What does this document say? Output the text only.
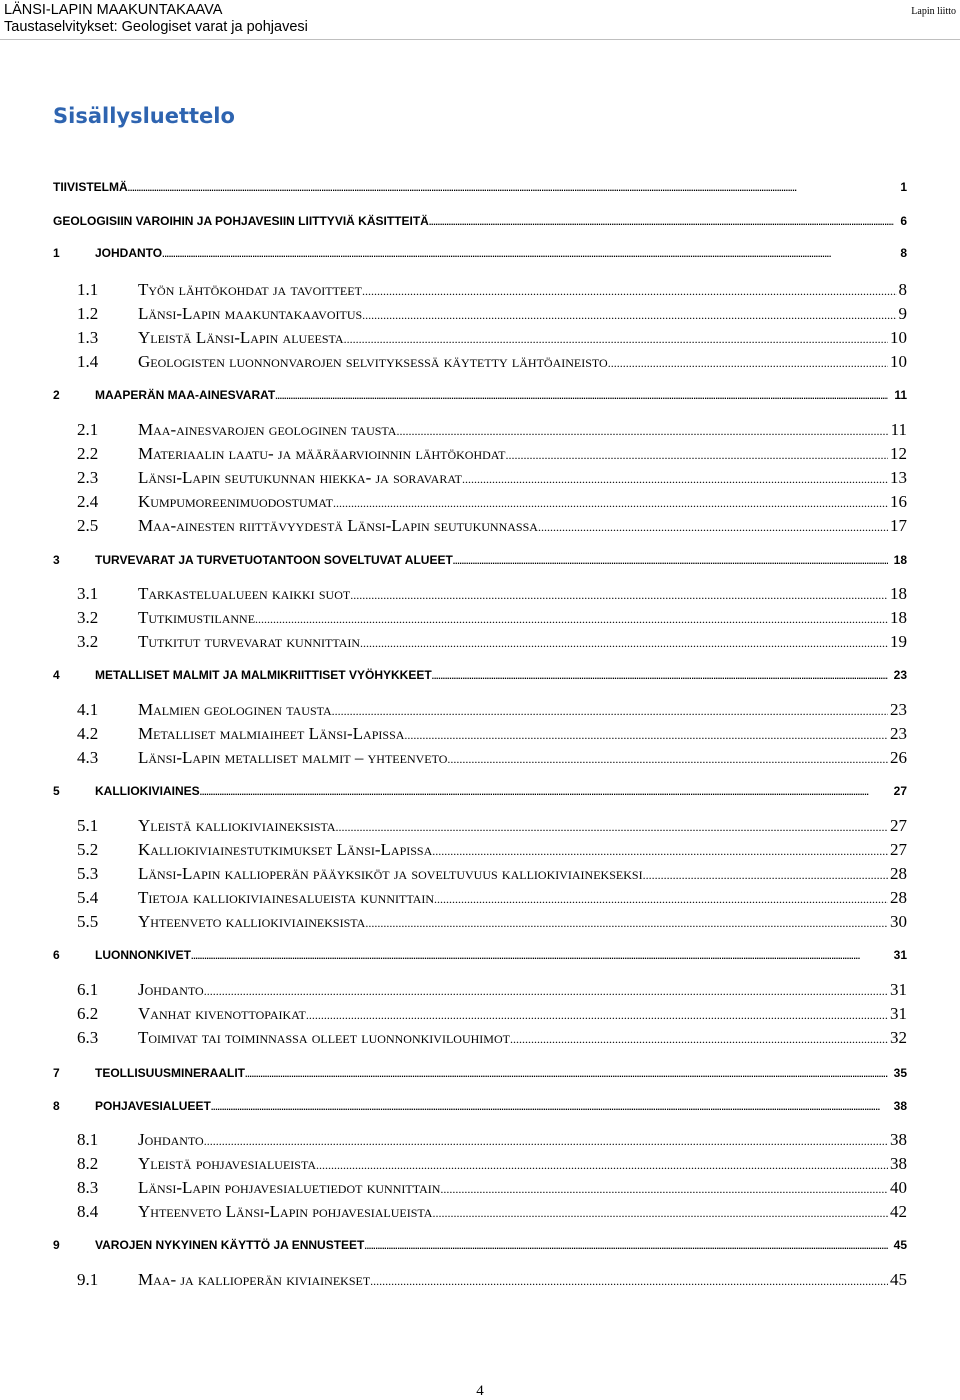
LÄNSI-LAPIN MAAKUNTAKAAVA
Taustaselvitykset: Geologiset varat ja pohjavesi
Lapin liitto
Sisällysluettelo
TIIVISTELMÄ .....	1
GEOLOGISIIN VAROIHIN JA POHJAVESIIN LIITTYVIÄ KÄSITTEITÄ .....	6
1	JOHDANTO .....	8
1.1	Työn lähtökohdat ja tavoitteet .....	8
1.2	Länsi-Lapin maakuntakaavoitus .....	9
1.3	Yleistä Länsi-Lapin alueesta .....	10
1.4	Geologisten luonnonvarojen selvityksessä käytetty lähtöaineisto .....	10
2	MAAPERÄN MAA-AINESVARAT .....	11
2.1	Maa-ainesvarojen geologinen tausta .....	11
2.2	Materiaalin laatu- ja määräarvioinnin lähtökohdat .....	12
2.3	Länsi-Lapin seutukunnan hiekka- ja soravarat .....	13
2.4	Kumpumoreenimuodostumat .....	16
2.5	Maa-ainesten riittävyydestä Länsi-Lapin seutukunnassa .....	17
3	TURVEVARAT JA TURVETUOTANTOON SOVELTUVAT ALUEET .....	18
3.1	Tarkastelualueen kaikki suot .....	18
3.2	Tutkimustilanne .....	18
3.2	Tutkitut turvevarat kunnittain .....	19
4	METALLISET MALMIT JA MALMIKRIITTISET VYÖHYKKEET .....	23
4.1	Malmien geologinen tausta .....	23
4.2	Metalliset malmiaiheet Länsi-Lapissa .....	23
4.3	Länsi-Lapin metalliset malmit – yhteenveto .....	26
5	KALLIOKIVIAINES .....	27
5.1	Yleistä kalliokiviaineksista .....	27
5.2	Kalliokiviainestutkimukset Länsi-Lapissa .....	27
5.3	Länsi-Lapin kallioperän pääyksiköt ja soveltuvuus kalliokiviainekseksi .....	28
5.4	Tietoja kalliokiviainesalueista kunnittain .....	28
5.5	Yhteenveto kalliokiviaineksista .....	30
6	LUONNONKIVET .....	31
6.1	Johdanto .....	31
6.2	Vanhat kivenottopaikat .....	31
6.3	Toimivat tai toiminnassa olleet luonnonkivilouhimot .....	32
7	TEOLLISUUSMINERAALIT .....	35
8	POHJAVESIALUEET .....	38
8.1	Johdanto .....	38
8.2	Yleistä pohjavesialueista .....	38
8.3	Länsi-Lapin pohjavesialuetiedot kunnittain .....	40
8.4	Yhteenveto Länsi-Lapin pohjavesialueista .....	42
9	VAROJEN NYKYINEN KÄYTTÖ JA ENNUSTEET .....	45
9.1	Maa- ja kallioperän kiviainekset .....	45
4
